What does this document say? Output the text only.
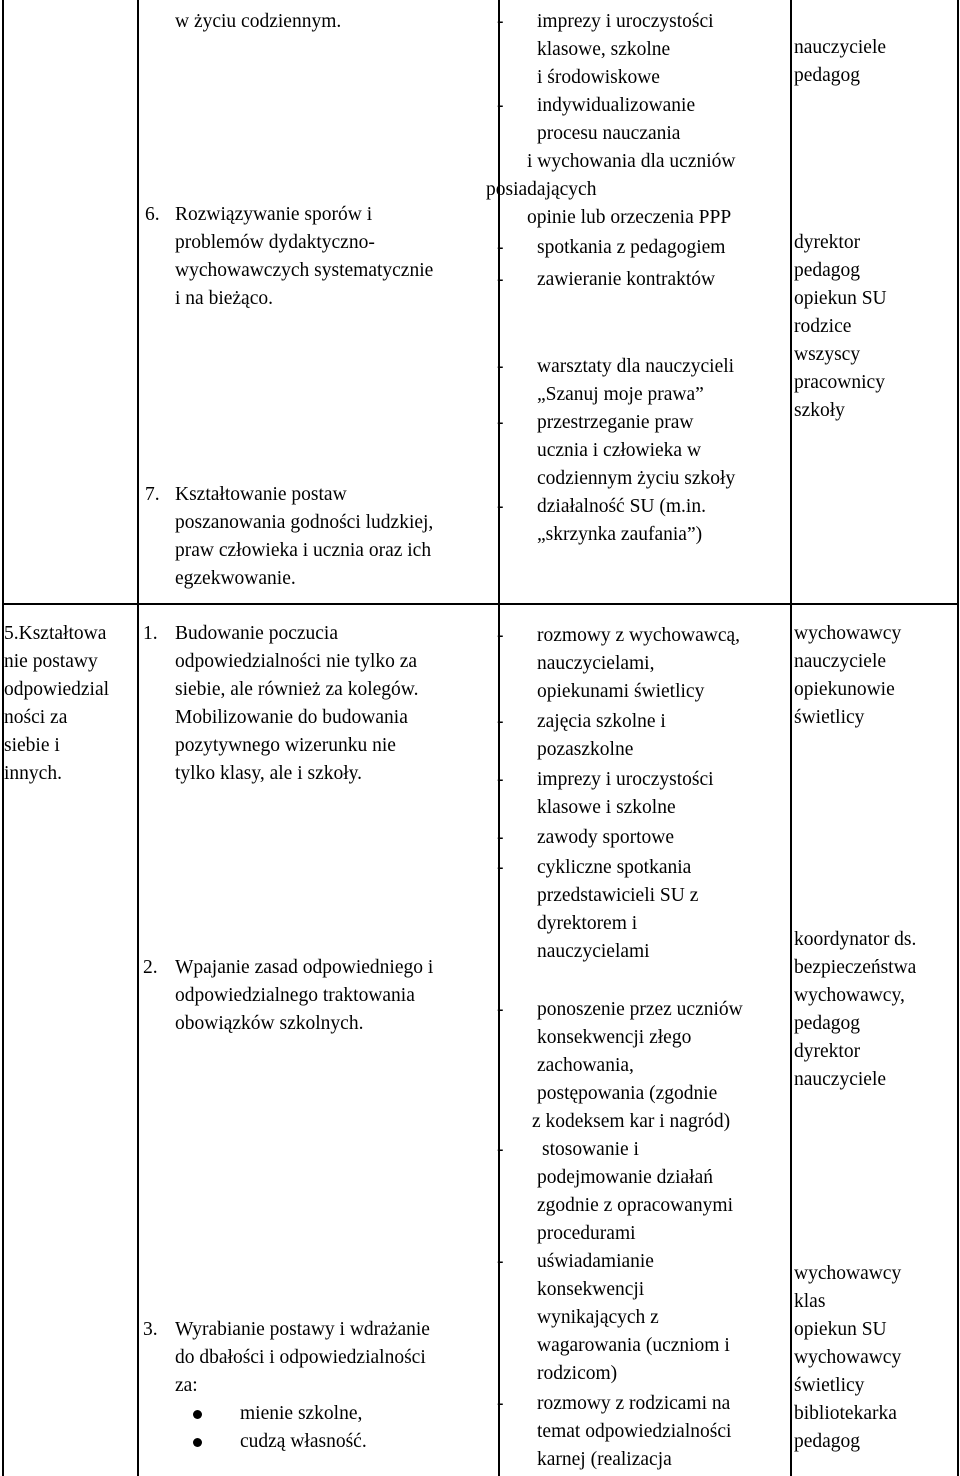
w życiu codziennym.
6. Rozwiązywanie sporów i
problemów dydaktyczno-
wychowawczych systematycznie
i na bieżąco.
7. Kształtowanie postaw
poszanowania godności ludzkiej,
praw człowieka i ucznia oraz ich
egzekwowanie.
- imprezy i uroczystości
klasowe, szkolne
i środowiskowe
- indywidualizowanie
procesu nauczania
i wychowania dla uczniów
posiadających
opinie lub orzeczenia PPP
- spotkania z pedagogiem
- zawieranie kontraktów
- warsztaty dla nauczycieli
„Szanuj moje prawa”
- przestrzeganie praw
ucznia i człowieka w
codziennym życiu szkoły
- działalność SU (m.in.
„skrzynka zaufania”)
nauczyciele
pedagog
dyrektor
pedagog
opiekun SU
rodzice
wszyscy
pracownicy
szkoły
5.Kształtowa
nie postawy
odpowiedzial
ności za
siebie i
innych.
1. Budowanie poczucia
odpowiedzialności nie tylko za
siebie, ale również za kolegów.
Mobilizowanie do budowania
pozytywnego wizerunku nie
tylko klasy, ale i szkoły.
2. Wpajanie zasad odpowiedniego i
odpowiedzialnego traktowania
obowiązków szkolnych.
3. Wyrabianie postawy i wdrażanie
do dbałości i odpowiedzialności
za:
mienie szkolne,
cudzą własność.
- rozmowy z wychowawcą,
nauczycielami,
opiekunami świetlicy
- zajęcia szkolne i
pozaszkolne
- imprezy i uroczystości
klasowe i szkolne
- zawody sportowe
- cykliczne spotkania
przedstawicieli SU z
dyrektorem i
nauczycielami
- ponoszenie przez uczniów
konsekwencji złego
zachowania,
postępowania (zgodnie
z kodeksem kar i nagród)
- stosowanie i
podejmowanie działań
zgodnie z opracowanymi
procedurami
- uświadamianie
konsekwencji
wynikających z
wagarowania (uczniom i
rodzicom)
- rozmowy z rodzicami na
temat odpowiedzialności
karnej (realizacja
wychowawcy
nauczyciele
opiekunowie
świetlicy
koordynator ds.
bezpieczeństwa
wychowawcy,
pedagog
dyrektor
nauczyciele
wychowawcy
klas
opiekun SU
wychowawcy
świetlicy
bibliotekarka
pedagog
